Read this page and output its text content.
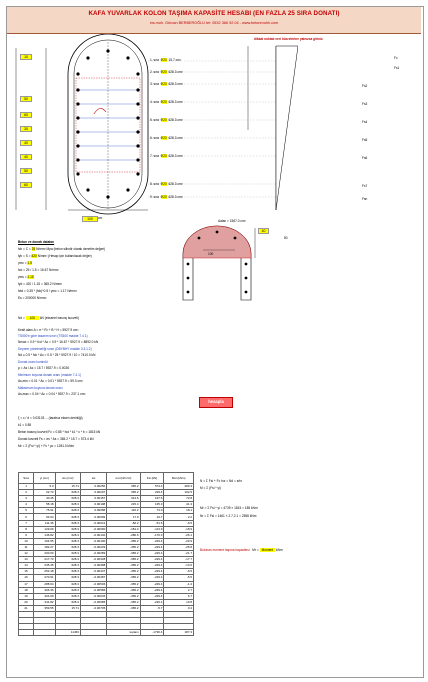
KAFA YUVARLAK KOLON TAŞIMA KAPASİTE HESABI (EN FAZLA 25 SIRA DONATI)
ins.muh. Gürcan BERBEROĞLU tel: 0532 366 92 04 - www.betonmuhh.com
dikkat noktalı veri hücrelerine yalnızca giriniz.
10
50
60
30
40
40
50
60
100	cm
1. sıra Φ20 15.7 cm²
2. sıra Φ20 628.3 cm²
3. sıra Φ20 628.3 cm²
4. sıra Φ20 628.3 cm²
5. sıra Φ20 628.3 cm²
6. sıra Φ20 628.3 cm²
7. sıra Φ20 628.3 cm²
8. sıra Φ20 628.3 cm²
9. sıra Φ20 628.3 cm²
Fc
Fs1
Fs2
Fs3
Fs4
Fs5
Fs6
Fs7
Fsn
Beton ve donatı dataları
fck = C = 25 N/mm² Mpa (beton silindir olarak denetim değeri)
fyk = S = 420 N/mm² (Hesap için kullanılacak değer)
γmc = 1.5
fcd = 25 / 1.5 = 16.67 N/mm²
γms = 1.15
fyd = 420 / 1.15 = 365.2 N/mm²
fctd = 0.35 * (fck)^0.5 / γmc = 1.17 N/mm²
Es = 200000 N/mm²
Aalan = 1567.0 cm²
40
80
100
Nd = 100 kN (eksenel basınç kuvveti)
Kesit alanı A = π * R² + B * H = 5927.9 cm²
TS500'e göre tasarım sınırı (TS500 madde 7.4.1)
Nmax = 0.9 * fcd * Ac = 0.9 * 16.67 * 5927.9 = 8892.0 kN
Deprem yönetmeliği sınırı (DBYBHY madde 3.3.1.2)
Nd ≤ 0.5 * fck * Ac = 0.5 * 25 * 5927.9 / 10 = 7410.0 kN
Donatı oranı kontrolü
ρ = As / Ac = 15.7 / 5927.9 = 0.0026
Minimum boyuna donatı oranı (madde 7.4.1)
As,min = 0.01 * Ac = 0.01 * 5927.9 = 59.3 cm²
Maksimum boyuna donatı oranı
As,max = 0.04 * Ac = 0.04 * 5927.9 = 237.1 cm²
hesapla
ξ = c / d = 0.03103 ... (tarafsız eksen derinliği)
k1 = 0.85
Beton basınç kuvveti Fc = 0.85 * fcd * k1 * c * b = 1815 kN
Donatı kuvveti Fs = σs * As = 365.2 * 15.7 = 573.4 kN
Mr = Σ (Fsi * yi) + Fc * yc = 1281.0 kNm
N = Σ Fsi + Fc hız = Nd = sıfır
M = Σ (Fsi * yi)
Mr = Σ Fsi * yi = 4739 × 1815 = 185 kNm
Nr = Σ Fsi = 1461 × 2.7.2.1 = 2558 kNm
Bulunan moment taşıma kapasitesi Mr = Moment kNm
Sıra	yi (cm)	As (cm²)	εsi	σsi (N/mm²)	Fsi (kN)	Msi (kNm)
1	5.0	15.71	0.00256	365.2	573.4	280.3
2	22.73	628.3	0.00207	365.2	229.4	102.5
3	40.45	628.3	0.00157	314.6	197.6	72.8
4	58.18	628.3	0.00108	215.4	135.3	41.3
5	75.91	628.3	0.00058	116.2	73.0	18.1
6	93.64	628.3	0.00009	17.0	10.7	2.2
7	111.36	628.3	-0.00041	-82.2	-51.6	-9.5
8	129.09	628.3	-0.00090	-181.4	-113.9	-18.9
9	146.82	628.3	-0.00140	-280.6	-176.3	-26.1
10	164.55	628.3	-0.00190	-365.2	-229.4	-29.9
11	182.27	628.3	-0.00239	-365.2	-229.4	-25.8
12	200.00	628.3	-0.00289	-365.2	-229.4	-21.7
13	217.73	628.3	-0.00338	-365.2	-229.4	-17.7
14	235.45	628.3	-0.00388	-365.2	-229.4	-13.6
15	253.18	628.3	-0.00437	-365.2	-229.4	-9.5
16	270.91	628.3	-0.00487	-365.2	-229.4	-5.5
17	288.64	628.3	-0.00536	-365.2	-229.4	-1.4
18	306.36	628.3	-0.00586	-365.2	-229.4	2.7
19	324.09	628.3	-0.00636	-365.2	-229.4	6.7
20	341.82	628.3	-0.00685	-365.2	-229.4	10.8
21	359.55	15.71	-0.00735	-365.2	-5.7	0.4

		11463		toplam	-1730.4	187.3
